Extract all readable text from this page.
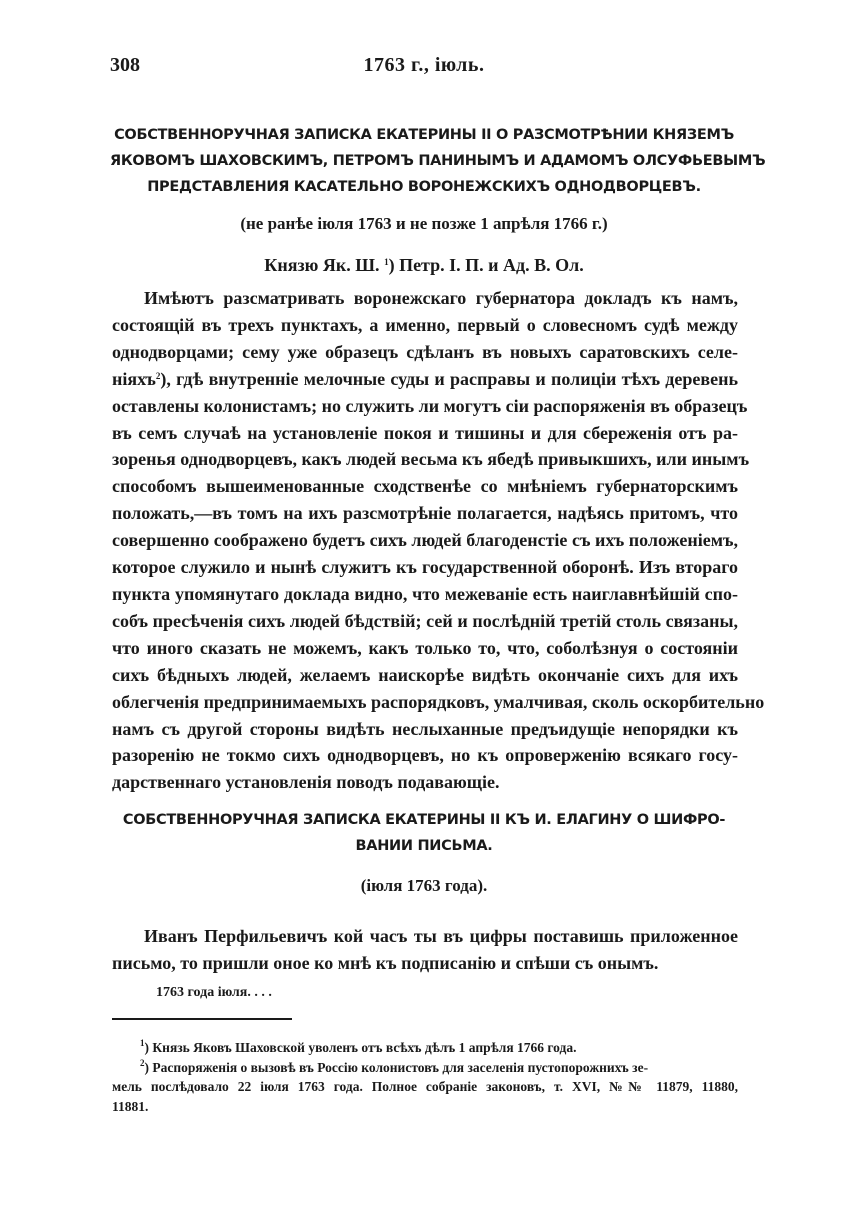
308	1763 г., іюль.
СОБСТВЕННОРУЧНАЯ ЗАПИСКА ЕКАТЕРИНЫ II О РАЗСМОТРѢНИИ КНЯЗЕМЪ
ЯКОВОМЪ ШАХОВСКИМЪ, ПЕТРОМЪ ПАНИНЫМЪ И АДАМОМЪ ОЛСУФЬЕВЫМЪ
ПРЕДСТАВЛЕНИЯ КАСАТЕЛЬНО ВОРОНЕЖСКИХЪ ОДНОДВОРЦЕВЪ.
(не ранѣе іюля 1763 и не позже 1 апрѣля 1766 г.)
Князю Як. Ш. $^1$) Петр. I. П. и Ад. В. Ол.
Имѣютъ разсматривать воронежскаго губернатора докладъ къ намъ,
состоящій въ трехъ пунктахъ, а именно, первый о словесномъ судѣ между
однодворцами; сему уже образецъ сдѣланъ въ новыхъ саратовскихъ селе-
ніяхъ$^2$), гдѣ внутренніе мелочные суды и расправы и полиціи тѣхъ деревень
оставлены колонистамъ; но служить ли могутъ сіи распоряженія въ образецъ
въ семъ случаѣ на установленіе покоя и тишины и для сбереженія отъ ра-
зоренья однодворцевъ, какъ людей весьма къ ябедѣ привыкшихъ, или инымъ
способомъ вышеименованные сходственѣе со мнѣніемъ губернаторскимъ
положать,—въ томъ на ихъ разсмотрѣніе полагается, надѣясь притомъ, что
совершенно соображено будетъ сихъ людей благоденстіе съ ихъ положеніемъ,
которое служило и нынѣ служитъ къ государственной оборонѣ. Изъ втораго
пункта упомянутаго доклада видно, что межеваніе есть наиглавнѣйшій спо-
собъ пресѣченія сихъ людей бѣдствій; сей и послѣдній третій столь связаны,
что иного сказать не можемъ, какъ только то, что, соболѣзнуя о состояніи
сихъ бѣдныхъ людей, желаемъ наискорѣе видѣть окончаніе сихъ для ихъ
облегченія предпринимаемыхъ распорядковъ, умалчивая, сколь оскорбительно
намъ съ другой стороны видѣть неслыханные предъидущіе непорядки къ
разоренію не токмо сихъ однодворцевъ, но къ опроверженію всякаго госу-
дарственнаго установленія поводъ подавающіе.
СОБСТВЕННОРУЧНАЯ ЗАПИСКА ЕКАТЕРИНЫ II КЪ И. ЕЛАГИНУ О ШИФРО-
ВАНИИ ПИСЬМА.
(іюля 1763 года).
Иванъ Перфильевичъ кой часъ ты въ цифры поставишь приложенное
письмо, то пришли оное ко мнѣ къ подписанію и спѣши съ онымъ.
1763 года іюля. . . .
$^1$) Князь Яковъ Шаховской уволенъ отъ всѣхъ дѣлъ 1 апрѣля 1766 года.
$^2$) Распоряженія о вызовѣ въ Россію колонистовъ для заселенія пустопорожнихъ зе-
мель послѣдовало 22 іюля 1763 года. Полное собраніе законовъ, т. XVI, №№ 11879, 11880,
11881.
